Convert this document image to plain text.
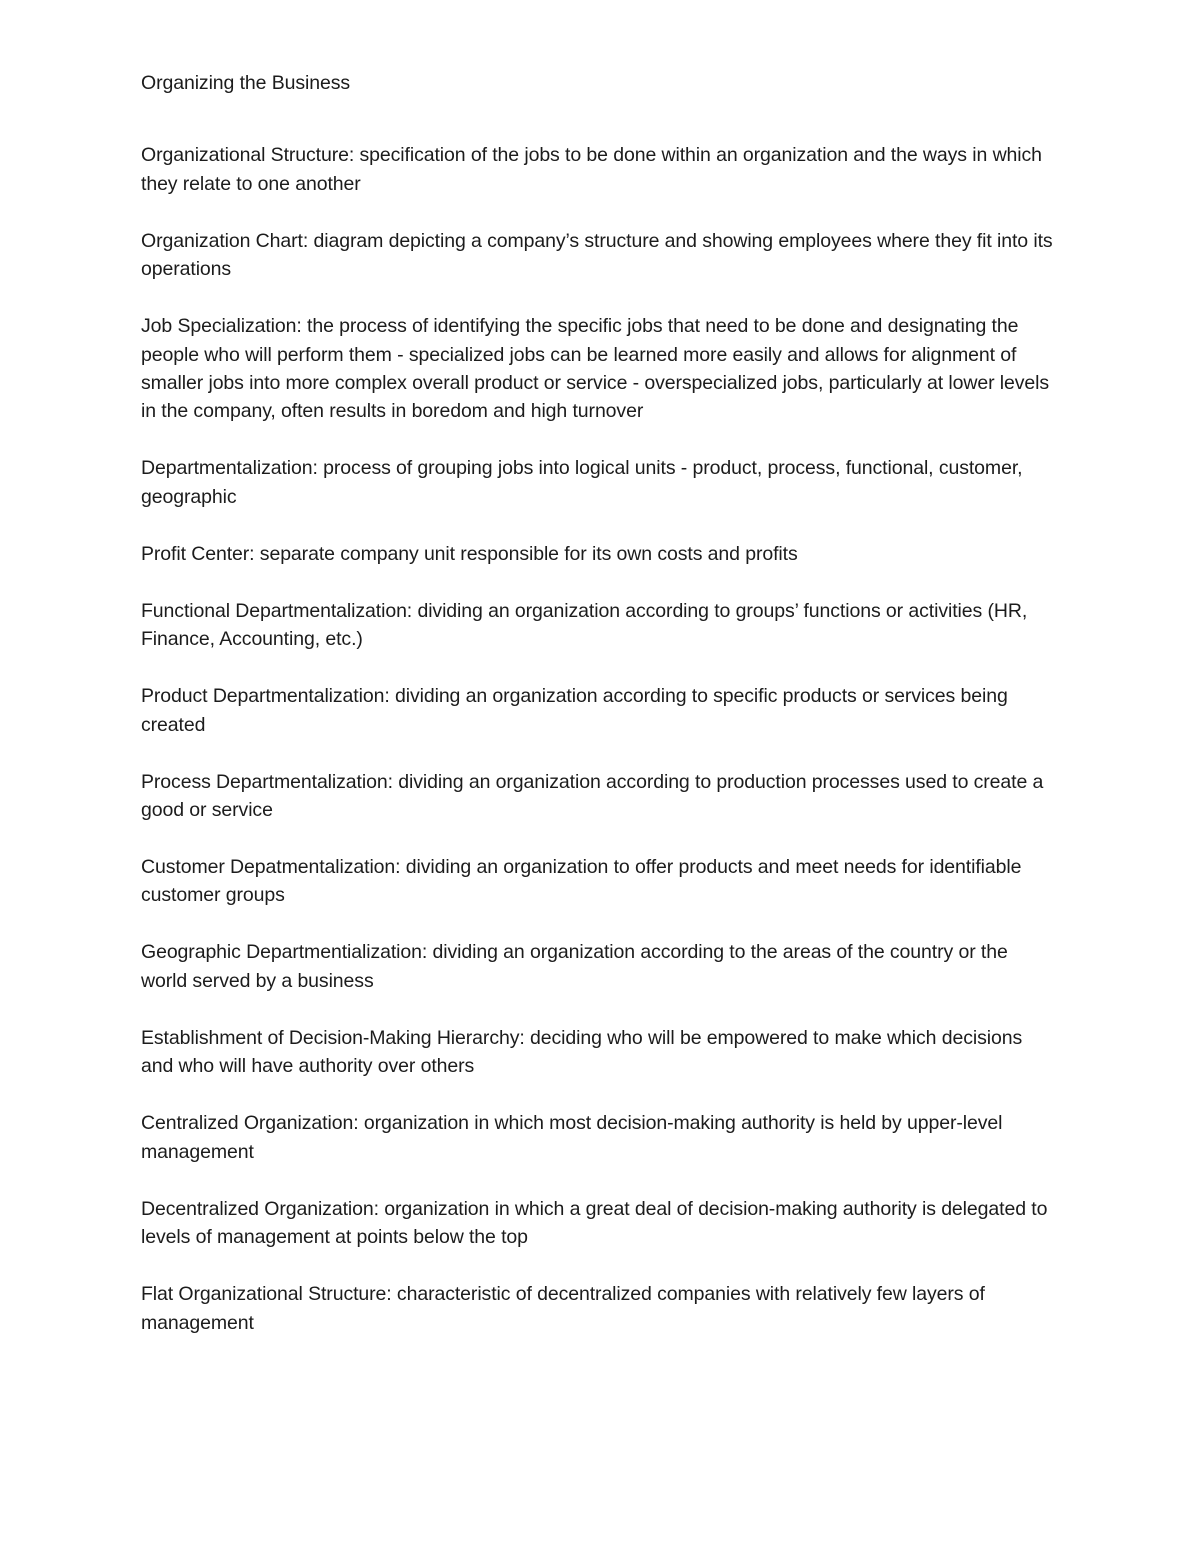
Organizing the Business

Organizational Structure: specification of the jobs to be done within an organization and the ways in which they relate to one another

Organization Chart: diagram depicting a company’s structure and showing employees where they fit into its operations

Job Specialization: the process of identifying the specific jobs that need to be done and designating the people who will perform them - specialized jobs can be learned more easily and allows for alignment of smaller jobs into more complex overall product or service - overspecialized jobs, particularly at lower levels in the company, often results in boredom and high turnover

Departmentalization: process of grouping jobs into logical units - product, process, functional, customer, geographic

Profit Center: separate company unit responsible for its own costs and profits

Functional Departmentalization: dividing an organization according to groups’ functions or activities (HR, Finance, Accounting, etc.)

Product Departmentalization: dividing an organization according to specific products or services being created

Process Departmentalization: dividing an organization according to production processes used to create a good or service

Customer Depatmentalization: dividing an organization to offer products and meet needs for identifiable customer groups

Geographic Departmentialization: dividing an organization according to the areas of the country or the world served by a business

Establishment of Decision-Making Hierarchy: deciding who will be empowered to make which decisions and who will have authority over others

Centralized Organization: organization in which most decision-making authority is held by upper-level management

Decentralized Organization: organization in which a great deal of decision-making authority is delegated to levels of management at points below the top

Flat Organizational Structure: characteristic of decentralized companies with relatively few layers of management
